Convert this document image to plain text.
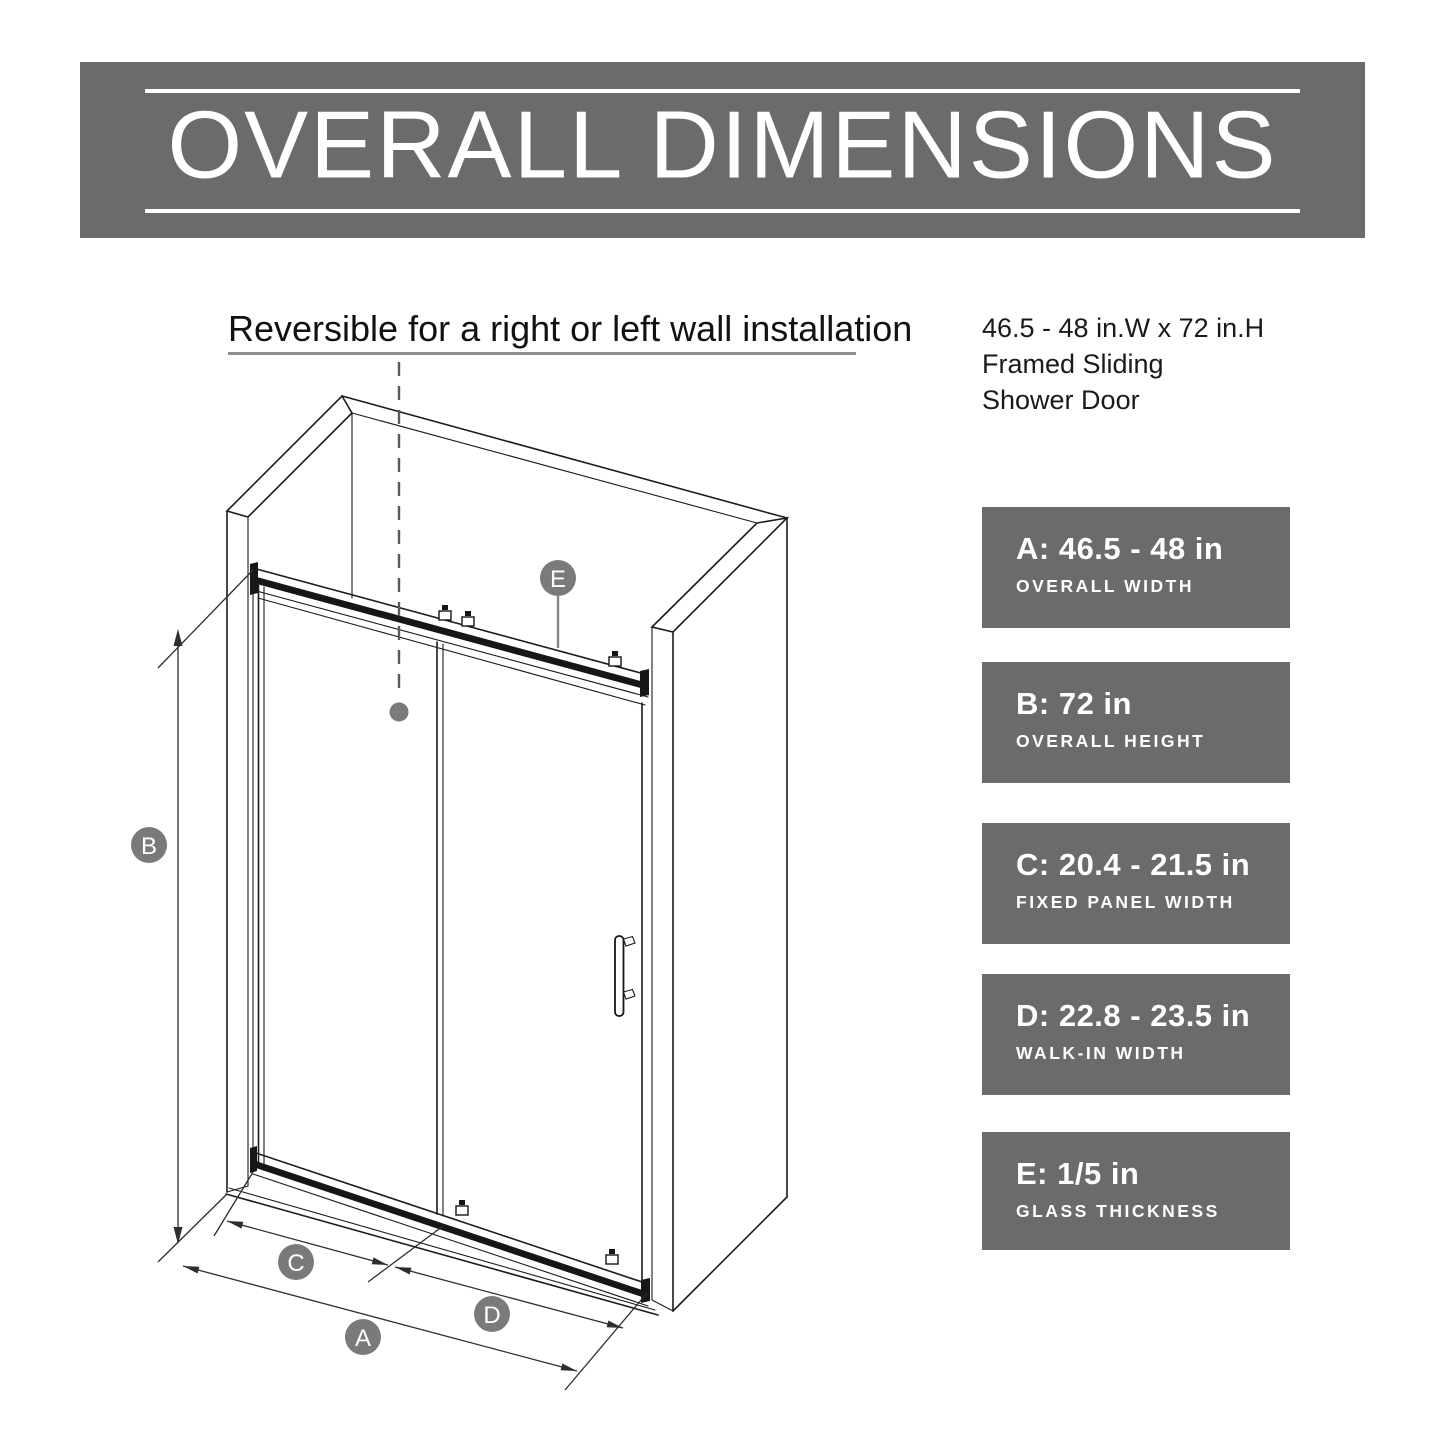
OVERALL DIMENSIONS
Reversible for a right or left wall installation	46.5 - 48 in.W x 72 in.H
Framed Sliding
Shower Door
A: 46.5 - 48 in
OVERALL WIDTH
B: 72 in
OVERALL HEIGHT
C: 20.4 - 21.5 in
FIXED PANEL WIDTH
D: 22.8 - 23.5 in
WALK-IN WIDTH
E: 1/5 in
GLASS THICKNESS
E
B
C
A
D
